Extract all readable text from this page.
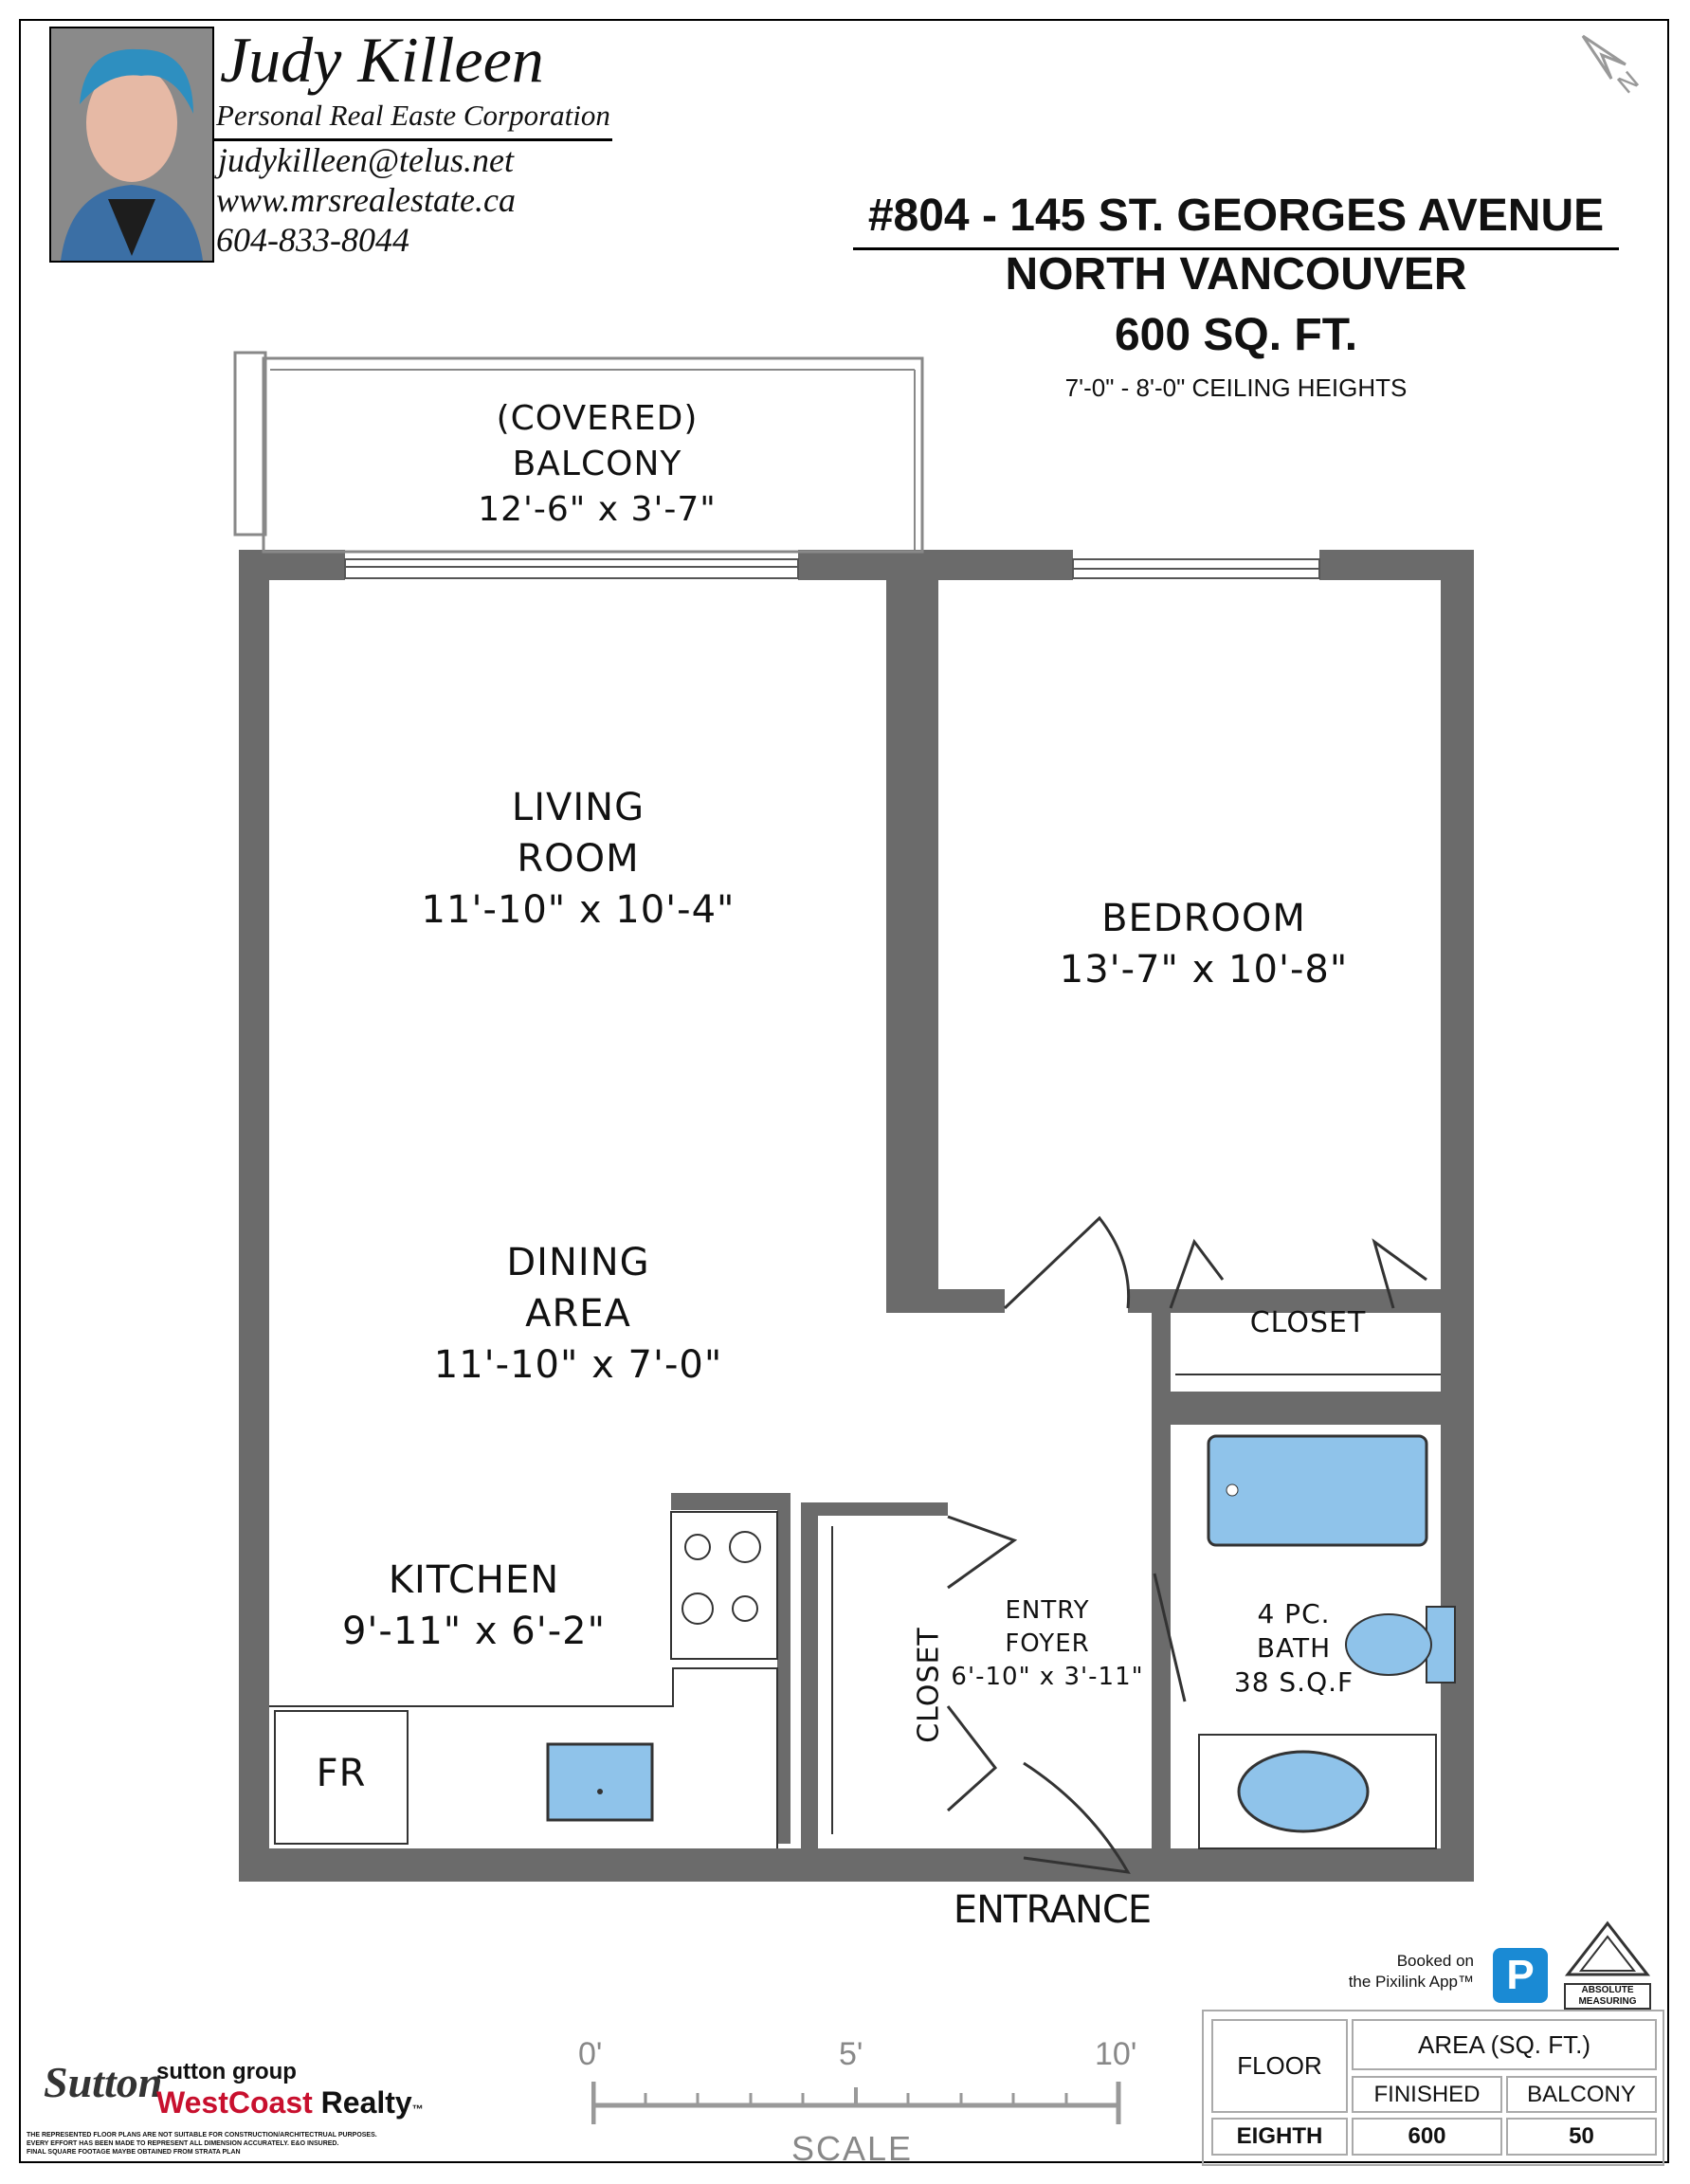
Judy Killeen
Personal Real Easte Corporation
judykilleen@telus.net
www.mrsrealestate.ca
604-833-8044
N
#804 - 145 ST. GEORGES AVENUE
NORTH VANCOUVER
600 SQ. FT.
7'-0" - 8'-0" CEILING HEIGHTS
(COVERED)
BALCONY
12'-6" x 3'-7"
LIVING
ROOM
11'-10" x 10'-4"	BEDROOM
13'-7" x 10'-8"
DINING
AREA
11'-10" x 7'-0"
KITCHEN
9'-11" x 6'-2"
CLOSET
CLOSET
ENTRY
FOYER
6'-10" x 3'-11"
4 PC.
BATH
38 S.Q.F
FR
ENTRANCE
Booked on
the Pixilink App™ P	ABSOLUTE
MEASURING
FLOOR
AREA (SQ. FT.)
FINISHED	BALCONY
EIGHTH	600	50
0'	5'	10'
SCALE
Sutton
sutton group
WestCoast Realty™
THE REPRESENTED FLOOR PLANS ARE NOT SUITABLE FOR CONSTRUCTION/ARCHITECTRUAL PURPOSES.
EVERY EFFORT HAS BEEN MADE TO REPRESENT ALL DIMENSION ACCURATELY. E&O INSURED.
FINAL SQUARE FOOTAGE MAYBE OBTAINED FROM STRATA PLAN
